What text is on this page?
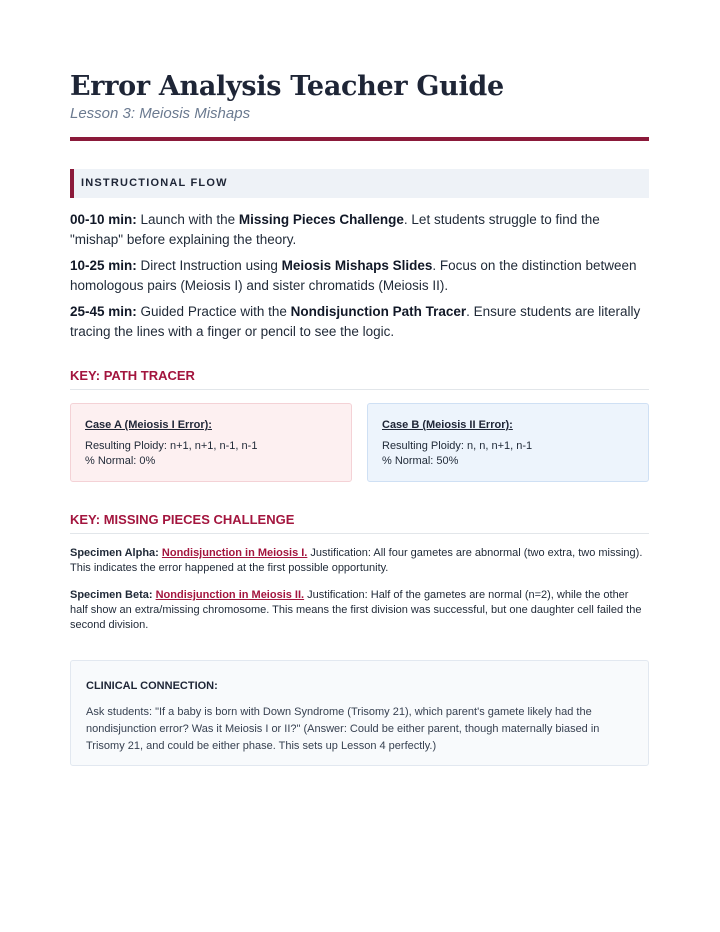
Error Analysis Teacher Guide
Lesson 3: Meiosis Mishaps
INSTRUCTIONAL FLOW
00-10 min: Launch with the Missing Pieces Challenge. Let students struggle to find the "mishap" before explaining the theory.
10-25 min: Direct Instruction using Meiosis Mishaps Slides. Focus on the distinction between homologous pairs (Meiosis I) and sister chromatids (Meiosis II).
25-45 min: Guided Practice with the Nondisjunction Path Tracer. Ensure students are literally tracing the lines with a finger or pencil to see the logic.
KEY: PATH TRACER
Case A (Meiosis I Error):
Resulting Ploidy: n+1, n+1, n-1, n-1
% Normal: 0%
Case B (Meiosis II Error):
Resulting Ploidy: n, n, n+1, n-1
% Normal: 50%
KEY: MISSING PIECES CHALLENGE
Specimen Alpha: Nondisjunction in Meiosis I. Justification: All four gametes are abnormal (two extra, two missing). This indicates the error happened at the first possible opportunity.
Specimen Beta: Nondisjunction in Meiosis II. Justification: Half of the gametes are normal (n=2), while the other half show an extra/missing chromosome. This means the first division was successful, but one daughter cell failed the second division.
CLINICAL CONNECTION:
Ask students: "If a baby is born with Down Syndrome (Trisomy 21), which parent's gamete likely had the nondisjunction error? Was it Meiosis I or II?" (Answer: Could be either parent, though maternally biased in Trisomy 21, and could be either phase. This sets up Lesson 4 perfectly.)
